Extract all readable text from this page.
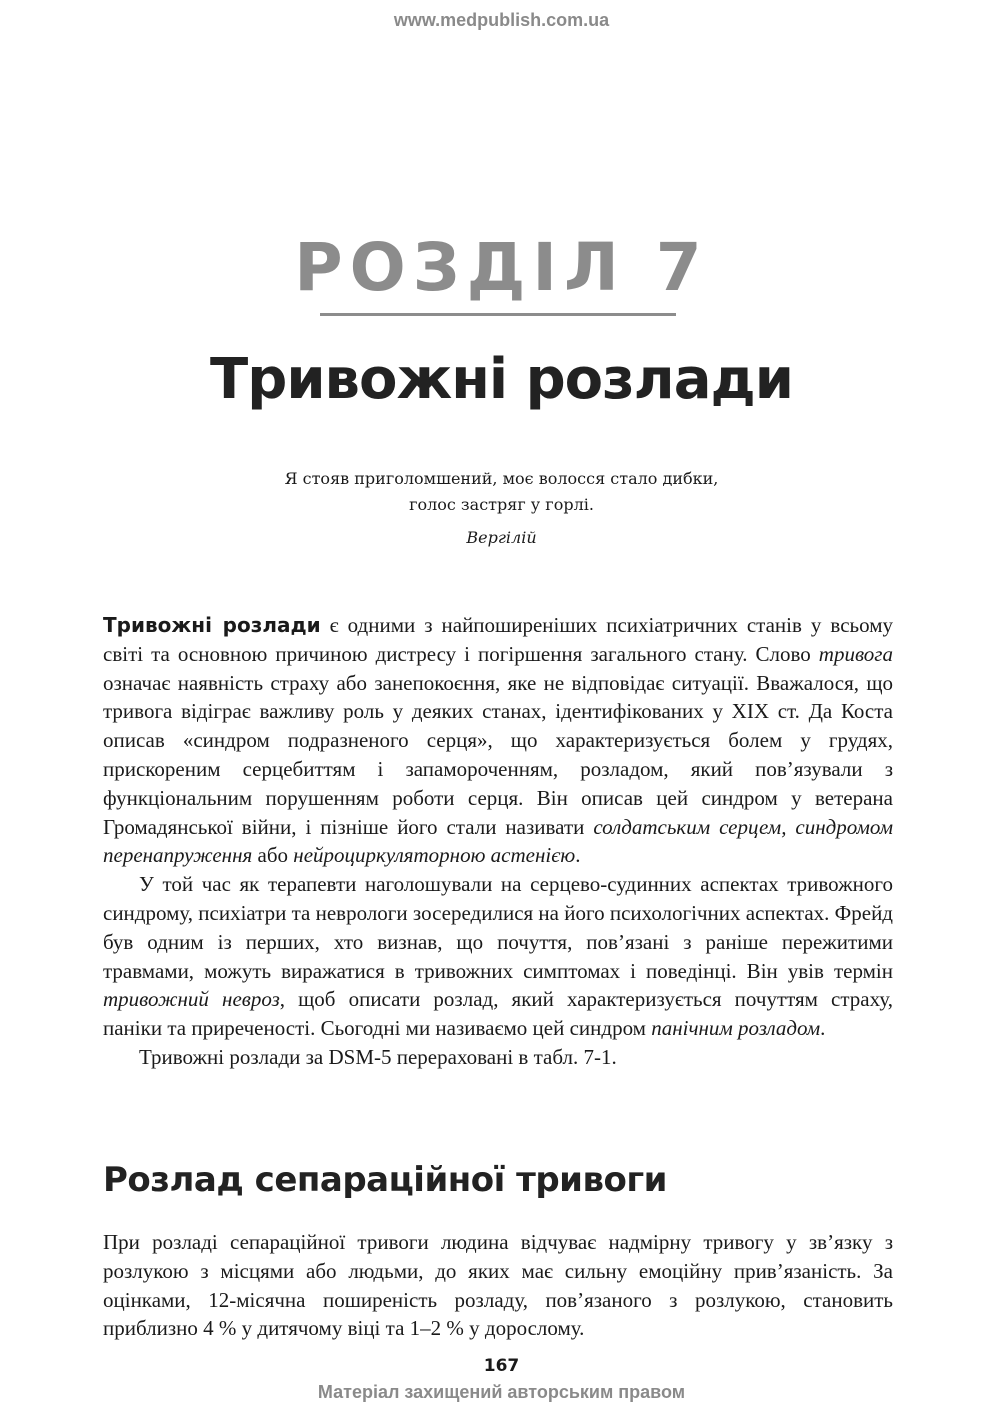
www.medpublish.com.ua
РОЗДІЛ 7
Тривожні розлади
Я стояв приголомшений, моє волосся стало дибки,
голос застряг у горлі.
Вергілій

Тривожні розлади є одними з найпоширеніших психіатричних станів у всьому світі та основною причиною дистресу і погіршення загального стану. Слово тривога означає наявність страху або занепокоєння, яке не відповідає ситуації. Вважалося, що тривога відіграє важливу роль у деяких станах, ідентифікованих у XIX ст. Да Коста описав «синдром подразненого серця», що характеризується болем у грудях, прискореним серцебиттям і запамороченням, розладом, який пов’язували з функціональним порушенням роботи серця. Він описав цей синдром у ветерана Громадянської війни, і пізніше його стали називати солдатським серцем, синдромом перенапруження або нейроциркуляторною астенією.

У той час як терапевти наголошували на серцево-судинних аспектах тривожного синдрому, психіатри та неврологи зосередилися на його психологічних аспектах. Фрейд був одним із перших, хто визнав, що почуття, пов’язані з раніше пережитими травмами, можуть виражатися в тривожних симптомах і поведінці. Він увів термін тривожний невроз, щоб описати розлад, який характеризується почуттям страху, паніки та приреченості. Сьогодні ми називаємо цей синдром панічним розладом.

Тривожні розлади за DSM-5 перераховані в табл. 7-1.

Розлад сепараційної тривоги

При розладі сепараційної тривоги людина відчуває надмірну тривогу у зв’язку з розлукою з місцями або людьми, до яких має сильну емоційну прив’язаність. За оцінками, 12-місячна поширеність розладу, пов’язаного з розлукою, становить приблизно 4 % у дитячому віці та 1–2 % у дорослому.

167
Матеріал захищений авторським правом
